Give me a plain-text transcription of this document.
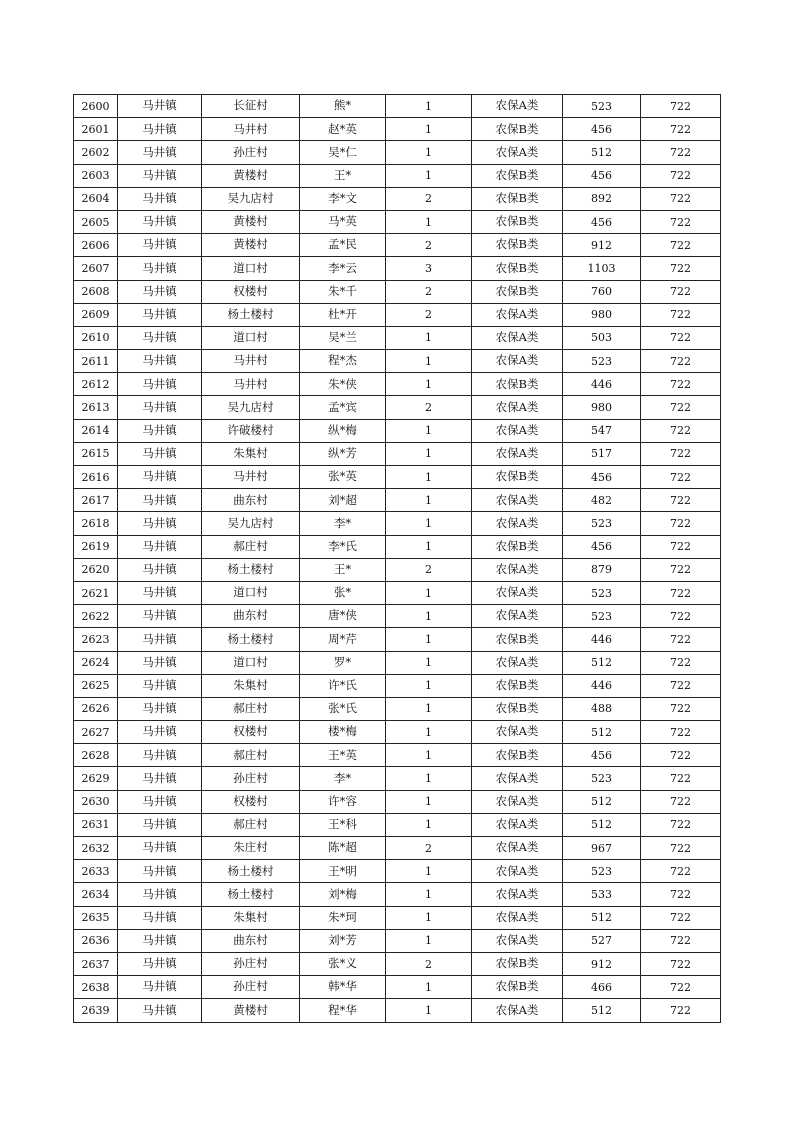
2600	马井镇	长征村	熊*	1	农保A类	523	722
2601	马井镇	马井村	赵*英	1	农保B类	456	722
2602	马井镇	孙庄村	吴*仁	1	农保A类	512	722
2603	马井镇	黄楼村	王*	1	农保B类	456	722
2604	马井镇	吴九店村	李*文	2	农保B类	892	722
2605	马井镇	黄楼村	马*英	1	农保B类	456	722
2606	马井镇	黄楼村	孟*民	2	农保B类	912	722
2607	马井镇	道口村	李*云	3	农保B类	1103	722
2608	马井镇	权楼村	朱*千	2	农保B类	760	722
2609	马井镇	杨土楼村	杜*开	2	农保A类	980	722
2610	马井镇	道口村	吴*兰	1	农保A类	503	722
2611	马井镇	马井村	程*杰	1	农保A类	523	722
2612	马井镇	马井村	朱*侠	1	农保B类	446	722
2613	马井镇	吴九店村	孟*宾	2	农保A类	980	722
2614	马井镇	许破楼村	纵*梅	1	农保A类	547	722
2615	马井镇	朱集村	纵*芳	1	农保A类	517	722
2616	马井镇	马井村	张*英	1	农保B类	456	722
2617	马井镇	曲东村	刘*超	1	农保A类	482	722
2618	马井镇	吴九店村	李*	1	农保A类	523	722
2619	马井镇	郝庄村	李*氏	1	农保B类	456	722
2620	马井镇	杨土楼村	王*	2	农保A类	879	722
2621	马井镇	道口村	张*	1	农保A类	523	722
2622	马井镇	曲东村	唐*侠	1	农保A类	523	722
2623	马井镇	杨土楼村	周*芹	1	农保B类	446	722
2624	马井镇	道口村	罗*	1	农保A类	512	722
2625	马井镇	朱集村	许*氏	1	农保B类	446	722
2626	马井镇	郝庄村	张*氏	1	农保B类	488	722
2627	马井镇	权楼村	楼*梅	1	农保A类	512	722
2628	马井镇	郝庄村	王*英	1	农保B类	456	722
2629	马井镇	孙庄村	李*	1	农保A类	523	722
2630	马井镇	权楼村	许*容	1	农保A类	512	722
2631	马井镇	郝庄村	王*科	1	农保A类	512	722
2632	马井镇	朱庄村	陈*超	2	农保A类	967	722
2633	马井镇	杨土楼村	王*明	1	农保A类	523	722
2634	马井镇	杨土楼村	刘*梅	1	农保A类	533	722
2635	马井镇	朱集村	朱*珂	1	农保A类	512	722
2636	马井镇	曲东村	刘*芳	1	农保A类	527	722
2637	马井镇	孙庄村	张*义	2	农保B类	912	722
2638	马井镇	孙庄村	韩*华	1	农保B类	466	722
2639	马井镇	黄楼村	程*华	1	农保A类	512	722
